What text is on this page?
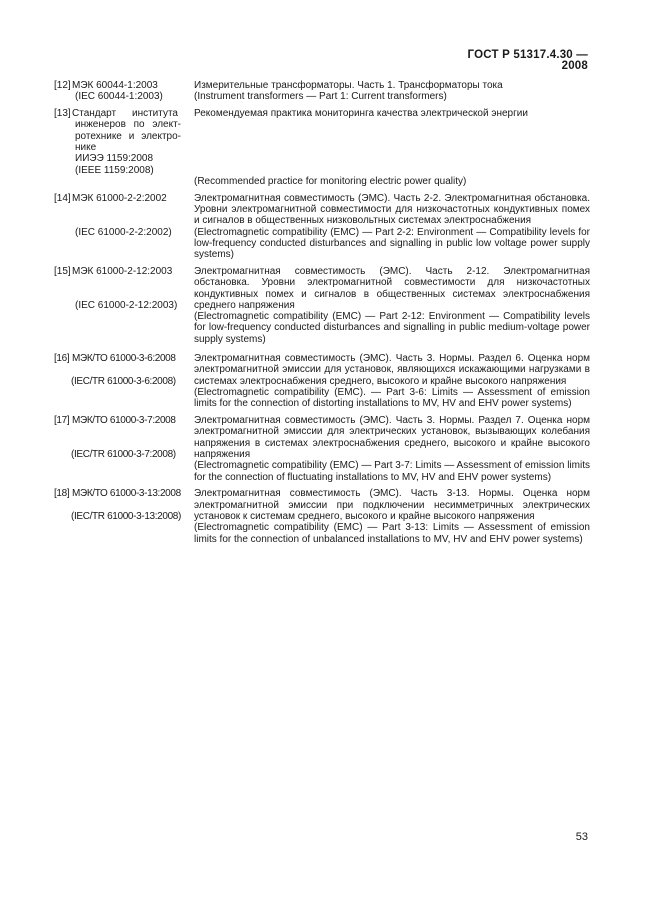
ГОСТ Р 51317.4.30 — 2008

[12]МЭК 60044-1:2003

(IEC 60044-1:2003)

Измерительные трансформаторы. Часть 1. Трансформаторы тока

(Instrument transformers — Part 1: Current transformers)

[13] Стандарт института

инженеров по элект-

ротехнике и электро-

нике

ИИЭЭ 1159:2008

(IEEE 1159:2008)

Рекомендуемая практика мониторинга качества электрической энергии

(Recommended practice for monitoring electric power quality)

[14]МЭК 61000-2-2:2002

(IEC 61000-2-2:2002)

Электромагнитная совместимость (ЭМС). Часть 2-2. Электромагнитная обстановка. Уровни электромагнитной совместимости для низкочастотных кондуктивных помех и сигналов в общественных низковольтных системах электроснабжения

(Electromagnetic compatibility (EMC) — Part 2-2: Environment — Compatibility levels for low-frequency conducted disturbances and signalling in public low voltage power supply systems)

[15]МЭК 61000-2-12:2003

(IEC 61000-2-12:2003)

Электромагнитная совместимость (ЭМС). Часть 2-12. Электромагнитная обстановка. Уровни электромагнитной совместимости для низкочастотных кондуктивных помех и сигналов в общественных системах электроснабжения среднего напряжения

(Electromagnetic compatibility (EMC) — Part 2-12: Environment — Compatibility levels for low-frequency conducted disturbances and signalling in public medium-voltage power supply systems)

[16] МЭК/ТО 61000-3-6:2008

(IEC/TR 61000-3-6:2008)

Электромагнитная совместимость (ЭМС). Часть 3. Нормы. Раздел 6. Оценка норм электромагнитной эмиссии для установок, являющихся искажающими нагрузками в системах электроснабжения среднего, высокого и крайне высокого напряжения

(Electromagnetic compatibility (EMC). — Part 3-6: Limits — Assessment of emission limits for the connection of distorting installations to MV, HV and EHV power systems)

[17] МЭК/ТО 61000-3-7:2008

(IEC/TR 61000-3-7:2008)

Электромагнитная совместимость (ЭМС). Часть 3. Нормы. Раздел 7. Оценка норм электромагнитной эмиссии для электрических установок, вызывающих колебания напряжения в системах электроснабжения среднего, высокого и крайне высокого напряжения

(Electromagnetic compatibility (EMC) — Part 3-7: Limits — Assessment of emission limits for the connection of fluctuating installations to MV, HV and EHV power systems)

[18] МЭК/ТО 61000-3-13:2008

(IEC/TR 61000-3-13:2008)

Электромагнитная совместимость (ЭМС). Часть 3-13. Нормы. Оценка норм электромагнитной эмиссии при подключении несимметричных электрических установок к системам среднего, высокого и крайне высокого напряжения

(Electromagnetic compatibility (EMC) — Part 3-13: Limits — Assessment of emission limits for the connection of unbalanced installations to MV, HV and EHV power systems)

53
